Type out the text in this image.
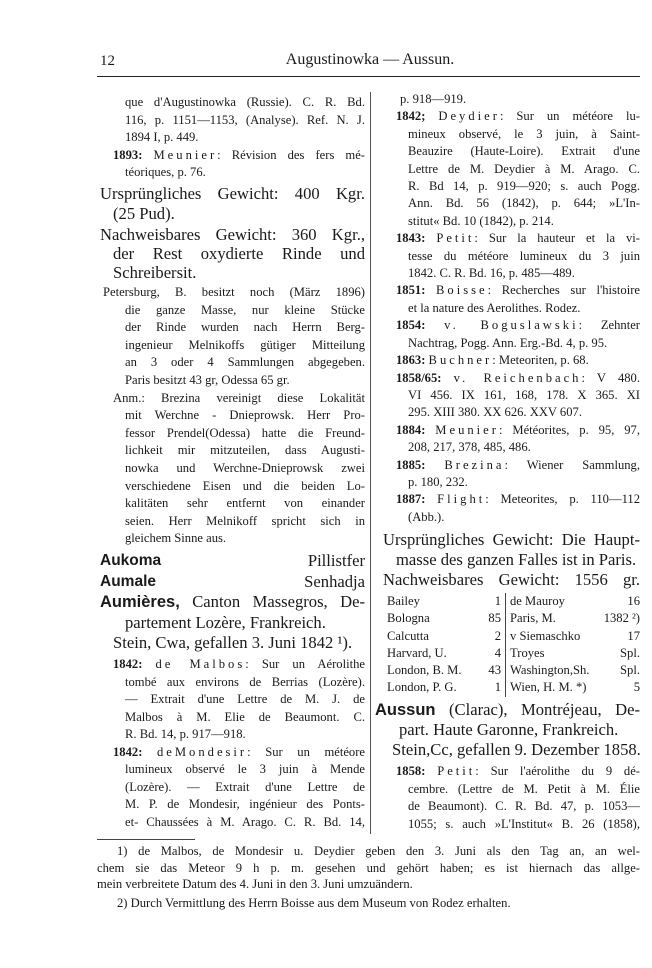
12	Augustinowka — Aussun.
que d'Augustinowka (Russie). C. R. Bd.
116, p. 1151—1153, (Analyse). Ref. N. J.
1894 I, p. 449.
1893: Meunier: Révision des fers mé-
téoriques, p. 76.
Ursprüngliches Gewicht: 400 Kgr.
(25 Pud).
Nachweisbares Gewicht: 360 Kgr.,
der Rest oxydierte Rinde und
Schreibersit.
Petersburg, B. besitzt noch (März 1896)
die ganze Masse, nur kleine Stücke
der Rinde wurden nach Herrn Berg-
ingenieur Melnikoffs gütiger Mitteilung
an 3 oder 4 Sammlungen abgegeben.
Paris besitzt 43 gr, Odessa 65 gr.
Anm.: Brezina vereinigt diese Lokalität
mit Werchne - Dnieprowsk. Herr Pro-
fessor Prendel(Odessa) hatte die Freund-
lichkeit mir mitzuteilen, dass Augusti-
nowka und Werchne-Dnieprowsk zwei
verschiedene Eisen und die beiden Lo-
kalitäten sehr entfernt von einander
seien. Herr Melnikoff spricht sich in
gleichem Sinne aus.
Aukoma	Pillistfer
Aumale	Senhadja
Aumières, Canton Massegros, De-
partement Lozère, Frankreich.
Stein, Cwa, gefallen 3. Juni 1842 ¹).
1842: de Malbos: Sur un Aérolithe
tombé aux environs de Berrias (Lozère).
— Extrait d'une Lettre de M. J. de
Malbos à M. Elie de Beaumont. C.
R. Bd. 14, p. 917—918.
1842: deMondesir: Sur un météore
lumineux observé le 3 juin à Mende
(Lozère). — Extrait d'une Lettre de
M. P. de Mondesir, ingénieur des Ponts-
et- Chaussées à M. Arago. C. R. Bd. 14,
p. 918—919.
1842; Deydier: Sur un météore lu-
mineux observé, le 3 juin, à Saint-
Beauzire (Haute-Loire). Extrait d'une
Lettre de M. Deydier à M. Arago. C.
R. Bd 14, p. 919—920; s. auch Pogg.
Ann. Bd. 56 (1842), p. 644; »L'In-
stitut« Bd. 10 (1842), p. 214.
1843: Petit: Sur la hauteur et la vi-
tesse du météore lumineux du 3 juin
1842. C. R. Bd. 16, p. 485—489.
1851: Boisse: Recherches sur l'histoire
et la nature des Aerolithes. Rodez.
1854: v. Boguslawski: Zehnter
Nachtrag, Pogg. Ann. Erg.-Bd. 4, p. 95.
1863: Buchner: Meteoriten, p. 68.
1858/65: v. Reichenbach: V 480.
VI 456. IX 161, 168, 178. X 365. XI
295. XIII 380. XX 626. XXV 607.
1884: Meunier: Météorites, p. 95, 97,
208, 217, 378, 485, 486.
1885: Brezina: Wiener Sammlung,
p. 180, 232.
1887: Flight: Meteorites, p. 110—112
(Abb.).
Ursprüngliches Gewicht: Die Haupt-
masse des ganzen Falles ist in Paris.
Nachweisbares Gewicht: 1556 gr.
Bailey	1 de Mauroy	16
Bologna	85 Paris, M.	1382 ²)
Calcutta	2 v Siemaschko	17
Harvard, U.	4 Troyes	Spl.
London, B. M.	43 Washington,Sh.	Spl.
London, P. G.	1 Wien, H. M. *)	5
Aussun (Clarac), Montréjeau, De-
part. Haute Garonne, Frankreich.
Stein,Cc, gefallen 9. Dezember 1858.
1858: Petit: Sur l'aérolithe du 9 dé-
cembre. (Lettre de M. Petit à M. Élie
de Beaumont). C. R. Bd. 47, p. 1053—
1055; s. auch »L'Institut« B. 26 (1858),
1) de Malbos, de Mondesir u. Deydier geben den 3. Juni als den Tag an, an wel-
chem sie das Meteor 9 h p. m. gesehen und gehört haben; es ist hiernach das allge-
mein verbreitete Datum des 4. Juni in den 3. Juni umzuändern.
2) Durch Vermittlung des Herrn Boisse aus dem Museum von Rodez erhalten.
